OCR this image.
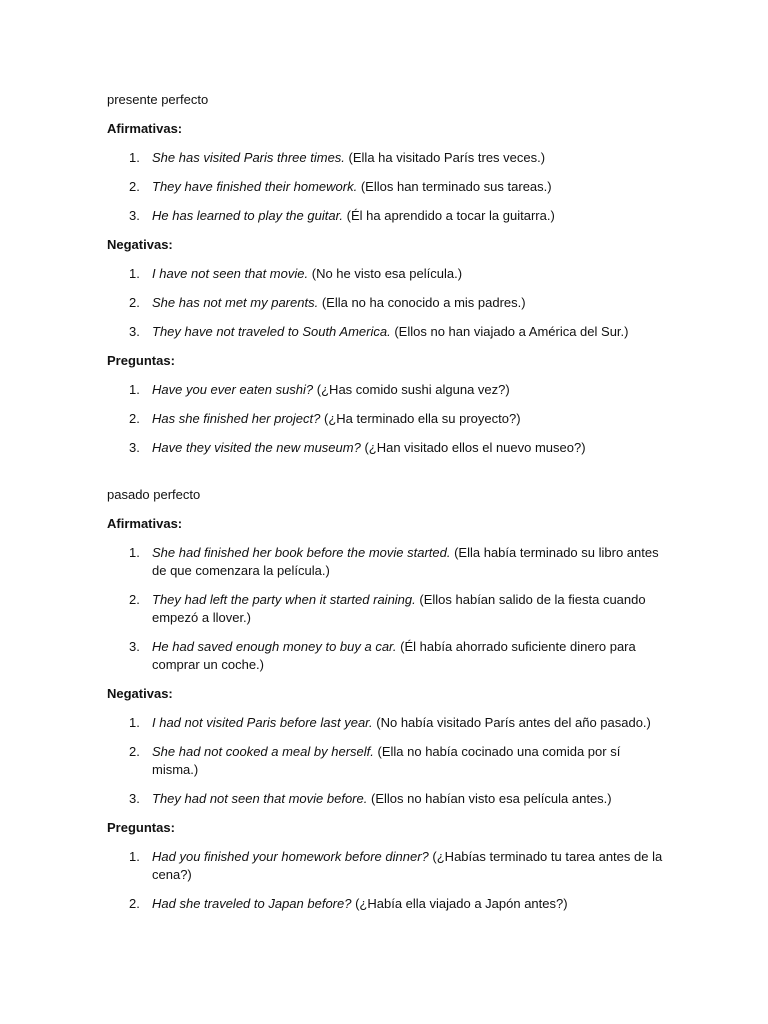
presente perfecto

Afirmativas:

1. She has visited Paris three times. (Ella ha visitado París tres veces.)
2. They have finished their homework. (Ellos han terminado sus tareas.)
3. He has learned to play the guitar. (Él ha aprendido a tocar la guitarra.)

Negativas:

1. I have not seen that movie. (No he visto esa película.)
2. She has not met my parents. (Ella no ha conocido a mis padres.)
3. They have not traveled to South America. (Ellos no han viajado a América del Sur.)

Preguntas:

1. Have you ever eaten sushi? (¿Has comido sushi alguna vez?)
2. Has she finished her project? (¿Ha terminado ella su proyecto?)
3. Have they visited the new museum? (¿Han visitado ellos el nuevo museo?)

pasado perfecto

Afirmativas:

1. She had finished her book before the movie started. (Ella había terminado su libro antes de que comenzara la película.)
2. They had left the party when it started raining. (Ellos habían salido de la fiesta cuando empezó a llover.)
3. He had saved enough money to buy a car. (Él había ahorrado suficiente dinero para comprar un coche.)

Negativas:

1. I had not visited Paris before last year. (No había visitado París antes del año pasado.)
2. She had not cooked a meal by herself. (Ella no había cocinado una comida por sí misma.)
3. They had not seen that movie before. (Ellos no habían visto esa película antes.)

Preguntas:

1. Had you finished your homework before dinner? (¿Habías terminado tu tarea antes de la cena?)
2. Had she traveled to Japan before? (¿Había ella viajado a Japón antes?)
